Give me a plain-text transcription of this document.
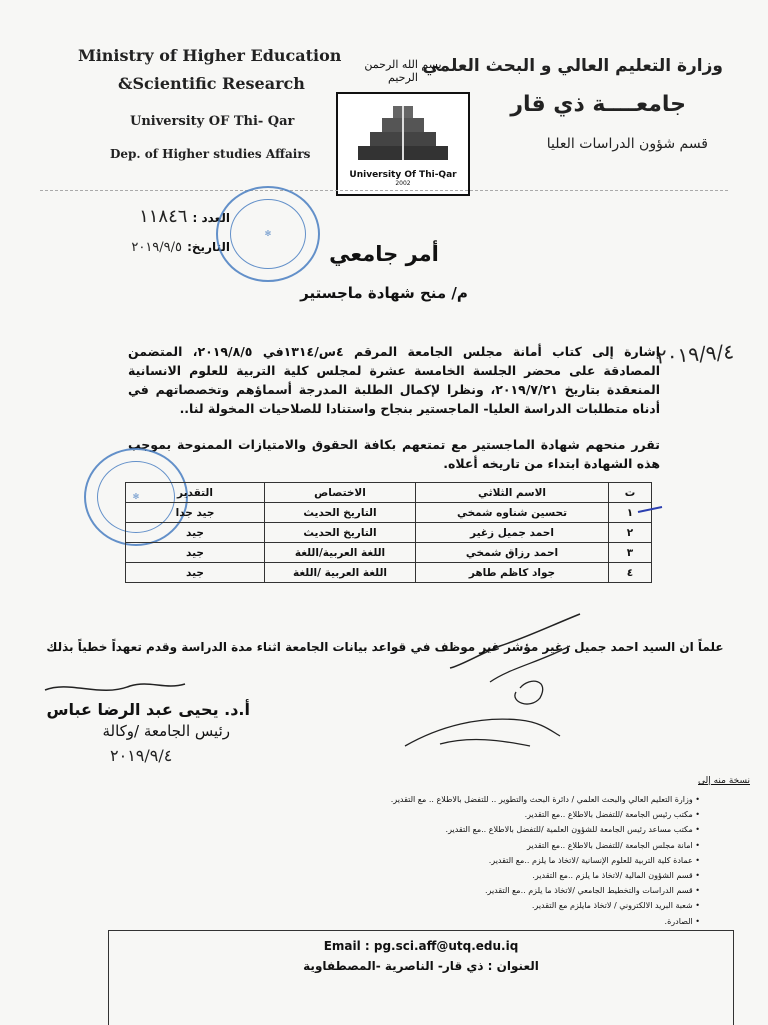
Ministry of Higher Education
&Scientific Research
University OF Thi- Qar
Dep. of Higher studies Affairs
وزارة التعليم العالي و البحث العلمي
جامعــــة ذي قار
قسم شؤون الدراسات العليا
بسم الله الرحمن الرحيم
University Of Thi-Qar
2002
العدد : ١١٨٤٦
التاريخ: ٢٠١٩/٩/٥
✻
أمر جامعي
م/ منح شهادة ماجستير
٢٠١٩/٩/٤
إشارة إلى كتاب أمانة مجلس الجامعة المرقم ٤س/١٣١٤في ٢٠١٩/٨/٥، المتضمن المصادقة على محضر الجلسة الخامسة عشرة لمجلس كلية التربية للعلوم الانسانية المنعقدة بتاريخ ٢٠١٩/٧/٢١، ونظرا لإكمال الطلبة المدرجة أسماؤهم وتخصصاتهم في أدناه متطلبات الدراسة العليا- الماجستير بنجاح واستنادا للصلاحيات المخولة لنا..
تقرر منحهم شهادة الماجستير مع تمتعهم بكافة الحقوق والامتيازات الممنوحة بموجب هذه الشهادة ابتداء من تاريخه أعلاه.
✻	ت	الاسم الثلاثي	الاختصاص	التقدير
١	تحسين شناوه شمخي	التاريخ الحديث	جيد جدا
٢	احمد جميل زغير	التاريخ الحديث	جيد
٣	احمد رزاق شمخي	اللغة العربية/اللغة	جيد
٤	جواد كاظم طاهر	اللغة العربية /اللغة	جيد
علماً ان السيد احمد جميل زغير مؤشر غير موظف في قواعد بيانات الجامعة اثناء مدة الدراسة وقدم تعهداً خطياً بذلك
أ.د. يحيى عبد الرضا عباس
رئيس الجامعة /وكالة
٢٠١٩/٩/٤
نسخة منه إلى
• وزارة التعليم العالي والبحث العلمي / دائرة البحث والتطوير .. للتفضل بالاطلاع .. مع التقدير.
• مكتب رئيس الجامعة /للتفضل بالاطلاع ..مع التقدير.
• مكتب مساعد رئيس الجامعة للشؤون العلمية /للتفضل بالاطلاع ..مع التقدير.
• امانة مجلس الجامعة /للتفضل بالاطلاع ..مع التقدير
• عمادة كلية التربية للعلوم الإنسانية /لاتخاذ ما يلزم ..مع التقدير.
• قسم الشؤون المالية /لاتخاذ ما يلزم ..مع التقدير.
• قسم الدراسات والتخطيط الجامعي /لاتخاذ ما يلزم ..مع التقدير.
• شعبة البريد الالكتروني / لاتخاذ مايلزم مع التقدير.
• الصادرة.
Email : pg.sci.aff@utq.edu.iq
العنوان : ذي قار- الناصرية -المصطفاوية
